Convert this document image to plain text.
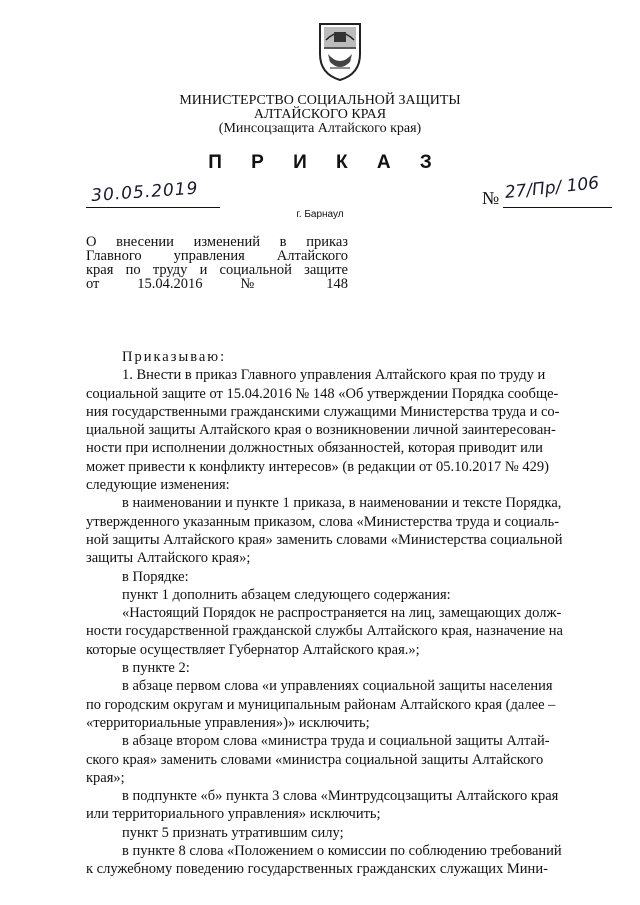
МИНИСТЕРСТВО СОЦИАЛЬНОЙ ЗАЩИТЫ
АЛТАЙСКОГО КРАЯ
(Минсоцзащита Алтайского края)
П Р И К А З
30.05.2019	№ 27/Пр/ 106
г. Барнаул
О   внесении   изменений   в   приказ
Главного   управления   Алтайского
края по труду и социальной защите
от 15.04.2016 № 148
Приказываю:
1. Внести в приказ Главного управления Алтайского края по труду и
социальной защите от 15.04.2016 № 148 «Об утверждении Порядка сообще-
ния государственными гражданскими служащими Министерства труда и со-
циальной защиты Алтайского края о возникновении личной заинтересован-
ности при исполнении должностных обязанностей, которая приводит или
может привести к конфликту интересов» (в редакции от 05.10.2017 № 429)
следующие изменения:
в наименовании и пункте 1 приказа, в наименовании и тексте Порядка,
утвержденного указанным приказом, слова «Министерства труда и социаль-
ной защиты Алтайского края» заменить словами «Министерства социальной
защиты Алтайского края»;
в Порядке:
пункт 1 дополнить абзацем следующего содержания:
«Настоящий Порядок не распространяется на лиц, замещающих долж-
ности государственной гражданской службы Алтайского края, назначение на
которые осуществляет Губернатор Алтайского края.»;
в пункте 2:
в абзаце первом слова «и управлениях социальной защиты населения
по городским округам и муниципальным районам Алтайского края (далее –
«территориальные управления»)» исключить;
в абзаце втором слова «министра труда и социальной защиты Алтай-
ского края» заменить словами «министра социальной защиты Алтайского
края»;
в подпункте «б» пункта 3 слова «Минтрудсоцзащиты Алтайского края
или территориального управления» исключить;
пункт 5 признать утратившим силу;
в пункте 8 слова «Положением о комиссии по соблюдению требований
к служебному поведению государственных гражданских служащих Мини-
